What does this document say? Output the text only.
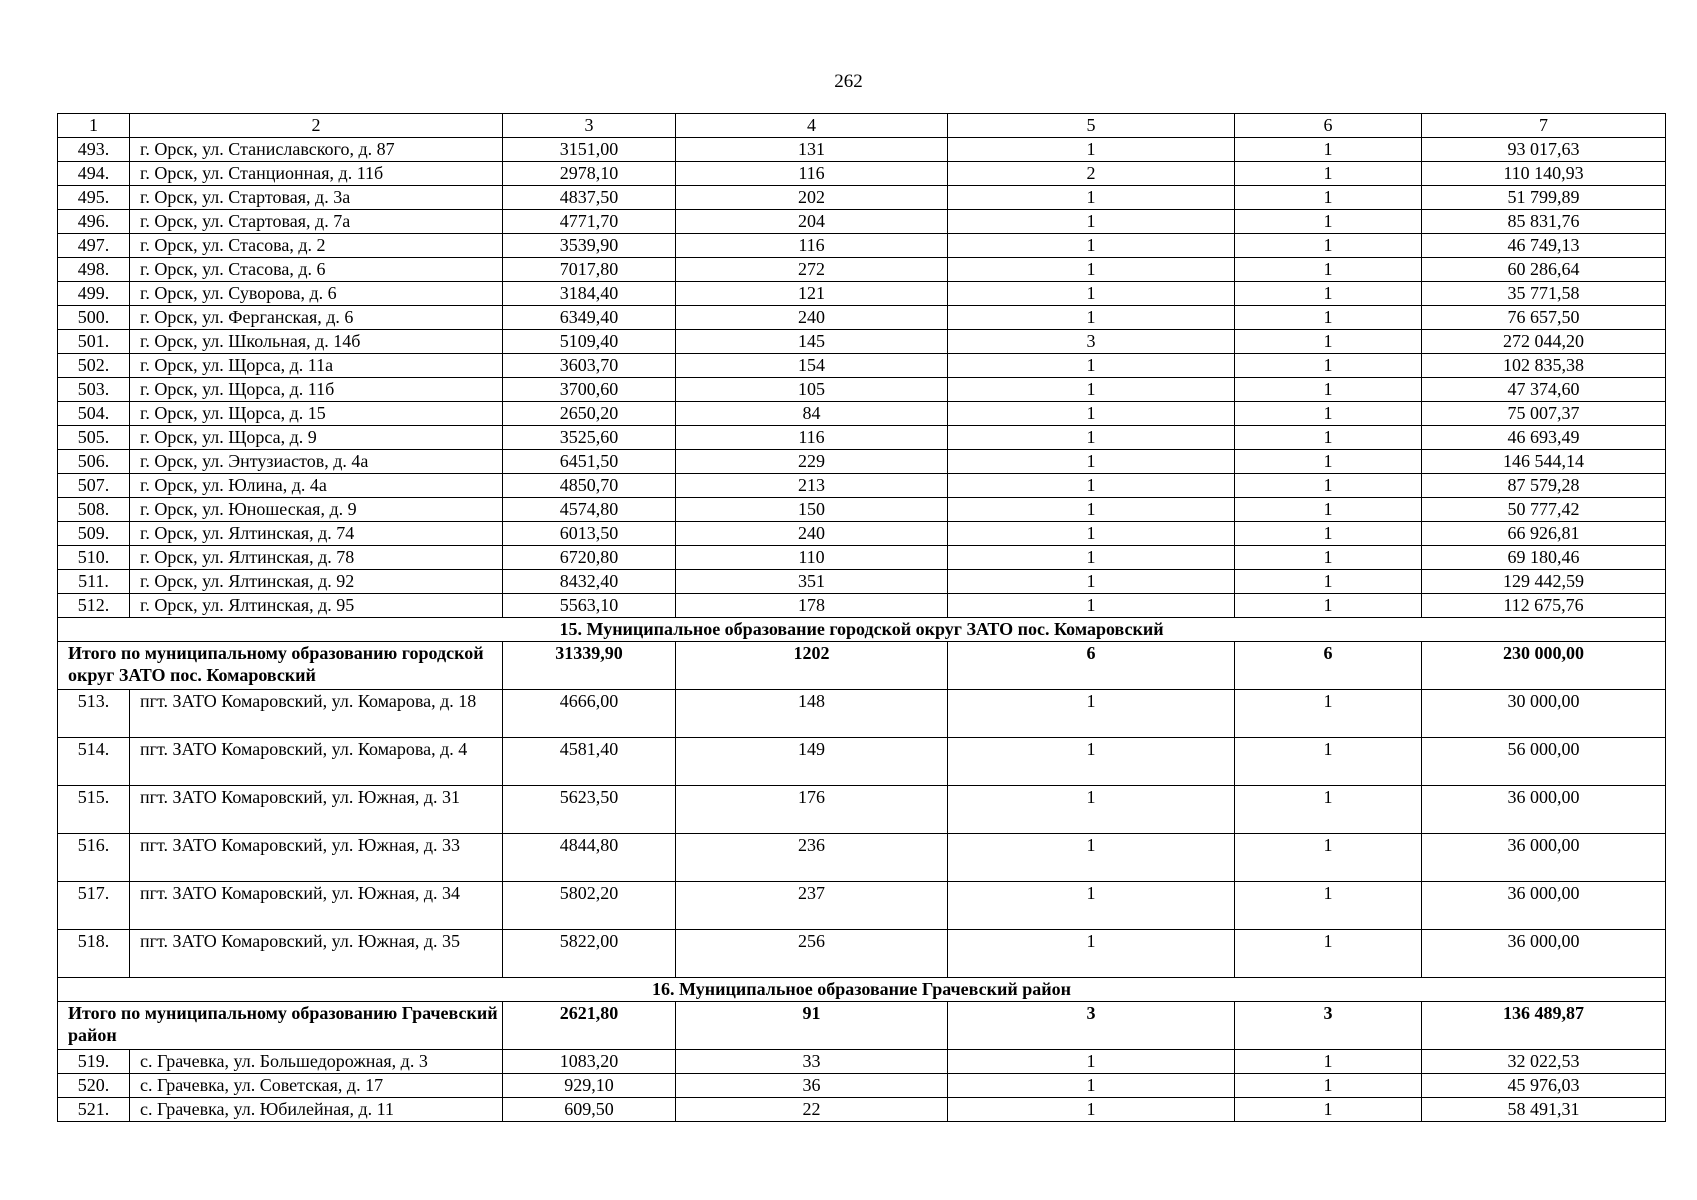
262
1	2	3	4	5	6	7
493.	г. Орск, ул. Станиславского, д. 87	3151,00	131	1	1	93 017,63
494.	г. Орск, ул. Станционная, д. 11б	2978,10	116	2	1	110 140,93
495.	г. Орск, ул. Стартовая, д. 3а	4837,50	202	1	1	51 799,89
496.	г. Орск, ул. Стартовая, д. 7а	4771,70	204	1	1	85 831,76
497.	г. Орск, ул. Стасова, д. 2	3539,90	116	1	1	46 749,13
498.	г. Орск, ул. Стасова, д. 6	7017,80	272	1	1	60 286,64
499.	г. Орск, ул. Суворова, д. 6	3184,40	121	1	1	35 771,58
500.	г. Орск, ул. Ферганская, д. 6	6349,40	240	1	1	76 657,50
501.	г. Орск, ул. Школьная, д. 14б	5109,40	145	3	1	272 044,20
502.	г. Орск, ул. Щорса, д. 11а	3603,70	154	1	1	102 835,38
503.	г. Орск, ул. Щорса, д. 11б	3700,60	105	1	1	47 374,60
504.	г. Орск, ул. Щорса, д. 15	2650,20	84	1	1	75 007,37
505.	г. Орск, ул. Щорса, д. 9	3525,60	116	1	1	46 693,49
506.	г. Орск, ул. Энтузиастов, д. 4а	6451,50	229	1	1	146 544,14
507.	г. Орск, ул. Юлина, д. 4а	4850,70	213	1	1	87 579,28
508.	г. Орск, ул. Юношеская, д. 9	4574,80	150	1	1	50 777,42
509.	г. Орск, ул. Ялтинская, д. 74	6013,50	240	1	1	66 926,81
510.	г. Орск, ул. Ялтинская, д. 78	6720,80	110	1	1	69 180,46
511.	г. Орск, ул. Ялтинская, д. 92	8432,40	351	1	1	129 442,59
512.	г. Орск, ул. Ялтинская, д. 95	5563,10	178	1	1	112 675,76
15. Муниципальное образование городской округ ЗАТО пос. Комаровский						
Итого по муниципальному образованию городской округ ЗАТО пос. Комаровский		31339,90	1202	6	6	230 000,00
513.	пгт. ЗАТО Комаровский, ул. Комарова, д. 18	4666,00	148	1	1	30 000,00
514.	пгт. ЗАТО Комаровский, ул. Комарова, д. 4	4581,40	149	1	1	56 000,00
515.	пгт. ЗАТО Комаровский, ул. Южная, д. 31	5623,50	176	1	1	36 000,00
516.	пгт. ЗАТО Комаровский, ул. Южная, д. 33	4844,80	236	1	1	36 000,00
517.	пгт. ЗАТО Комаровский, ул. Южная, д. 34	5802,20	237	1	1	36 000,00
518.	пгт. ЗАТО Комаровский, ул. Южная, д. 35	5822,00	256	1	1	36 000,00
16. Муниципальное образование Грачевский район						
Итого по муниципальному образованию Грачевский район		2621,80	91	3	3	136 489,87
519.	с. Грачевка, ул. Большедорожная, д. 3	1083,20	33	1	1	32 022,53
520.	с. Грачевка, ул. Советская, д. 17	929,10	36	1	1	45 976,03
521.	с. Грачевка, ул. Юбилейная, д. 11	609,50	22	1	1	58 491,31
